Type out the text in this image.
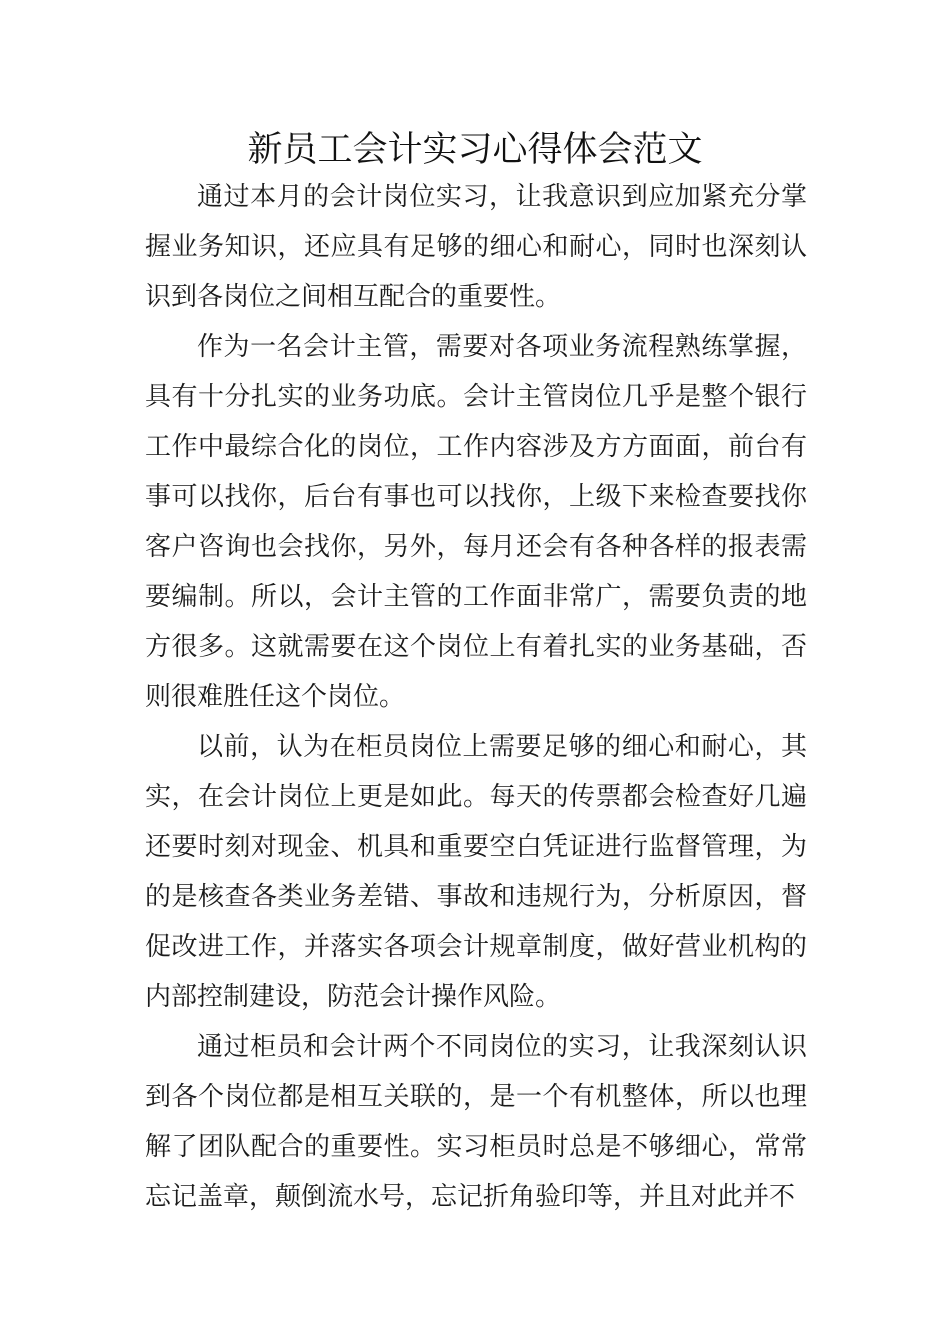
新员工会计实习心得体会范文

通过本月的会计岗位实习，让我意识到应加紧充分掌握业务知识，还应具有足够的细心和耐心，同时也深刻认识到各岗位之间相互配合的重要性。

作为一名会计主管，需要对各项业务流程熟练掌握，具有十分扎实的业务功底。会计主管岗位几乎是整个银行工作中最综合化的岗位，工作内容涉及方方面面，前台有事可以找你，后台有事也可以找你，上级下来检查要找你客户咨询也会找你，另外，每月还会有各种各样的报表需要编制。所以，会计主管的工作面非常广，需要负责的地方很多。这就需要在这个岗位上有着扎实的业务基础，否则很难胜任这个岗位。

以前，认为在柜员岗位上需要足够的细心和耐心，其实，在会计岗位上更是如此。每天的传票都会检查好几遍还要时刻对现金、机具和重要空白凭证进行监督管理，为的是核查各类业务差错、事故和违规行为，分析原因，督促改进工作，并落实各项会计规章制度，做好营业机构的内部控制建设，防范会计操作风险。

通过柜员和会计两个不同岗位的实习，让我深刻认识到各个岗位都是相互关联的，是一个有机整体，所以也理解了团队配合的重要性。实习柜员时总是不够细心，常常忘记盖章，颠倒流水号，忘记折角验印等，并且对此并不
